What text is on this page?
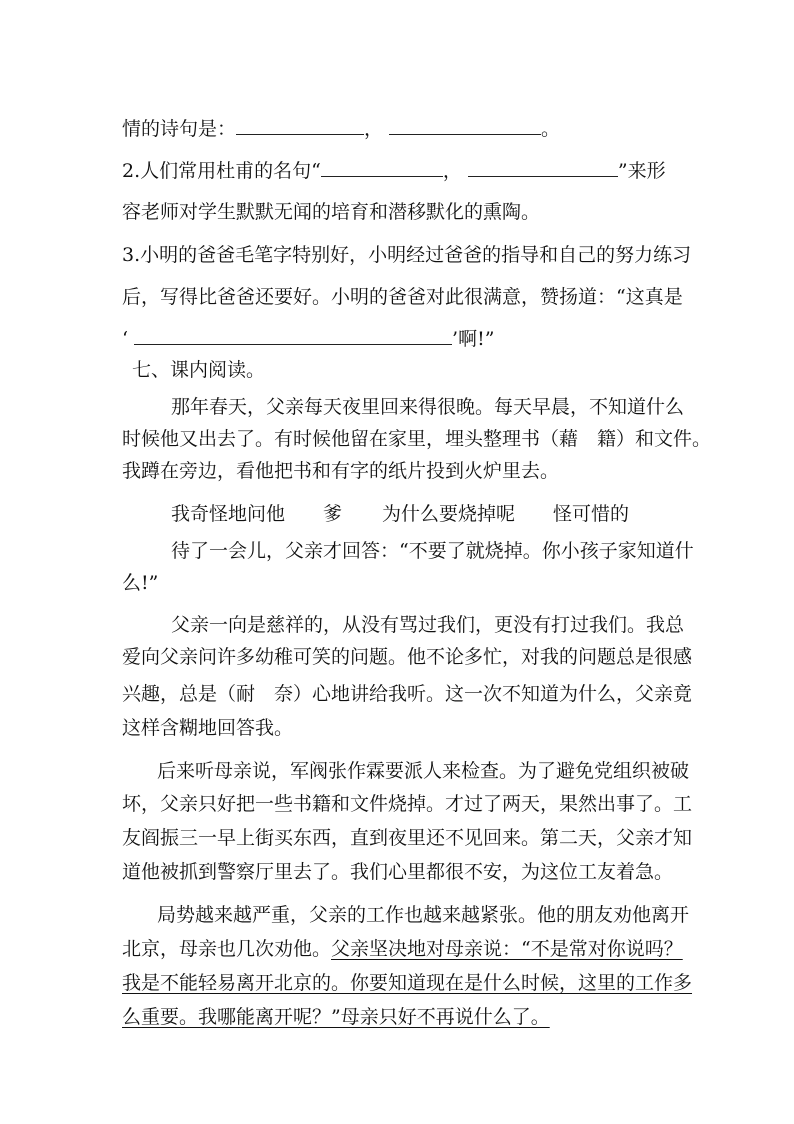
情的诗句是：	，	。
2.人们常用杜甫的名句“	，	”来形
容老师对学生默默无闻的培育和潜移默化的熏陶。
3.小明的爸爸毛笔字特别好，小明经过爸爸的指导和自己的努力练习
后，写得比爸爸还要好。小明的爸爸对此很满意，赞扬道：“这真是
‘	’啊!”
七、课内阅读。
那年春天，父亲每天夜里回来得很晚。每天早晨，不知道什么
时候他又出去了。有时候他留在家里，埋头整理书（藉　籍）和文件。
我蹲在旁边，看他把书和有字的纸片投到火炉里去。
我奇怪地问他 爹 为什么要烧掉呢 怪可惜的
待了一会儿，父亲才回答：“不要了就烧掉。你小孩子家知道什
么!”
父亲一向是慈祥的，从没有骂过我们，更没有打过我们。我总
爱向父亲问许多幼稚可笑的问题。他不论多忙，对我的问题总是很感
兴趣，总是（耐　奈）心地讲给我听。这一次不知道为什么，父亲竟
这样含糊地回答我。
后来听母亲说，军阀张作霖要派人来检查。为了避免党组织被破
坏，父亲只好把一些书籍和文件烧掉。才过了两天，果然出事了。工
友阎振三一早上街买东西，直到夜里还不见回来。第二天，父亲才知
道他被抓到警察厅里去了。我们心里都很不安，为这位工友着急。
局势越来越严重，父亲的工作也越来越紧张。他的朋友劝他离开
北京，母亲也几次劝他。父亲坚决地对母亲说：“不是常对你说吗？
我是不能轻易离开北京的。你要知道现在是什么时候，这里的工作多
么重要。我哪能离开呢？”母亲只好不再说什么了。
